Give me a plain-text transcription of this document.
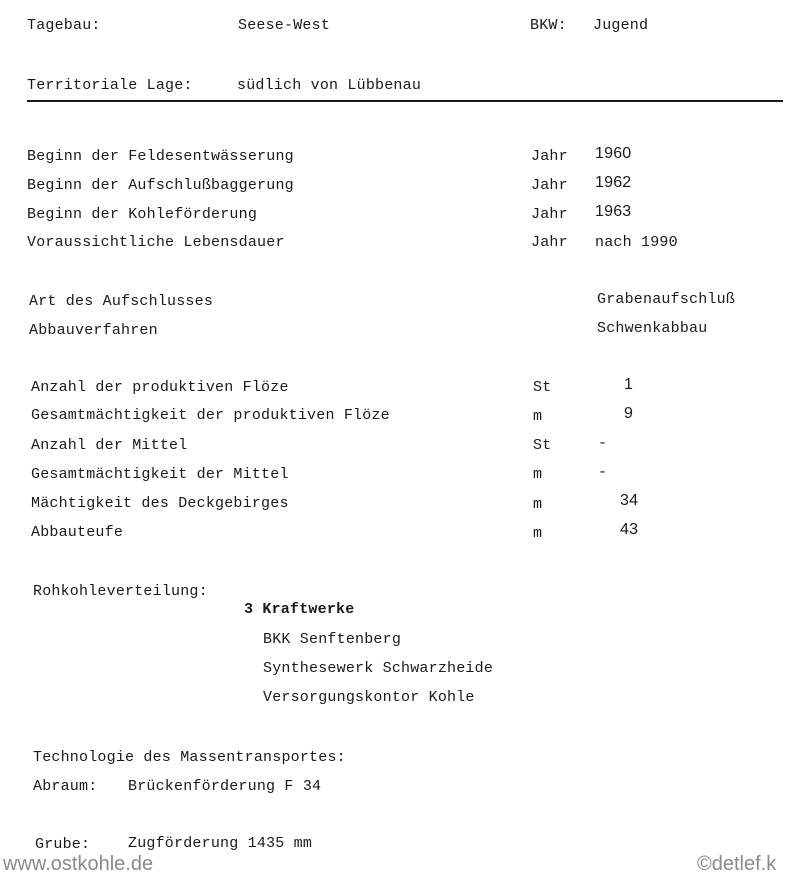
Tagebau:	Seese-West	BKW: Jugend
Territoriale Lage:	südlich von Lübbenau
Beginn der Feldesentwässerung	Jahr 1960
Beginn der Aufschlußbaggerung	Jahr 1962
Beginn der Kohleförderung	Jahr 1963
Voraussichtliche Lebensdauer	Jahr nach 1990
Art des Aufschlusses	Grabenaufschluß
Abbauverfahren	Schwenkabbau
Anzahl der produktiven Flöze	St	1
Gesamtmächtigkeit der produktiven Flöze	m	9
Anzahl der Mittel	St	-
Gesamtmächtigkeit der Mittel	m	-
Mächtigkeit des Deckgebirges	m	34
Abbauteufe	m	43
Rohkohleverteilung:
3 Kraftwerke
BKK Senftenberg
Synthesewerk Schwarzheide
Versorgungskontor Kohle
Technologie des Massentransportes:
Abraum: Brückenförderung F 34
Grube:	Zugförderung 1435 mm
www.ostkohle.de	©detlef.k
